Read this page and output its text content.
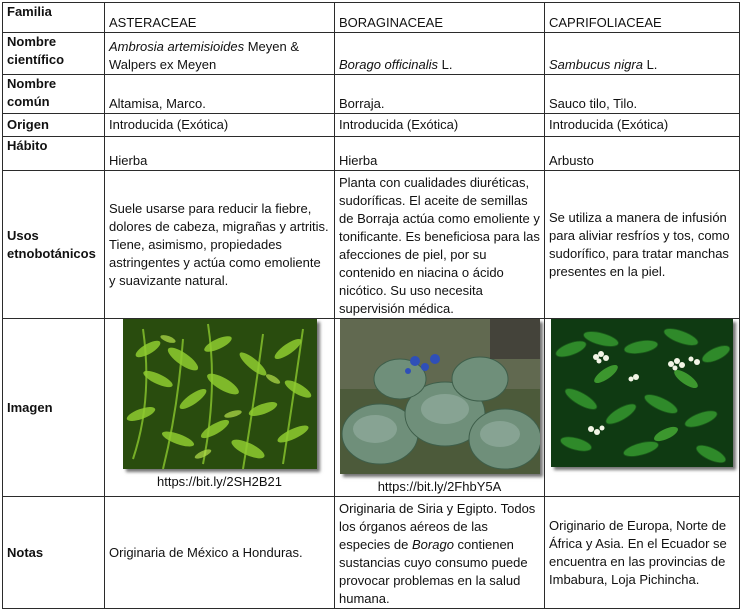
Familia	ASTERACEAE	BORAGINACEAE	CAPRIFOLIACEAE
Nombre científico	Ambrosia artemisioides Meyen & Walpers ex Meyen	Borago officinalis L.	Sambucus nigra L.
Nombre común	Altamisa, Marco.	Borraja.	Sauco tilo, Tilo.
Origen	Introducida (Exótica)	Introducida (Exótica)	Introducida (Exótica)
Hábito	Hierba	Hierba	Arbusto
Usos etnobotánicos	Suele usarse para reducir la fiebre, dolores de cabeza, migrañas y artritis. Tiene, asimismo, propiedades astringentes y actúa como emoliente y suavizante natural.	Planta con cualidades diuréticas, sudoríficas. El aceite de semillas de Borraja actúa como emoliente y tonificante. Es beneficiosa para las afecciones de piel, por su contenido en niacina o ácido nicótico. Su uso necesita supervisión médica.	Se utiliza a manera de infusión para aliviar resfríos y tos, como sudorífico, para tratar manchas presentes en la piel.
Imagen	https://bit.ly/2SH2B21	https://bit.ly/2FhbY5A

Notas	Originaria de México a Honduras.	Originaria de Siria y Egipto. Todos los órganos aéreos de las especies de Borago contienen sustancias cuyo consumo puede provocar problemas en la salud humana.	Originario de Europa, Norte de África y Asia. En el Ecuador se encuentra en las provincias de Imbabura, Loja Pichincha.
